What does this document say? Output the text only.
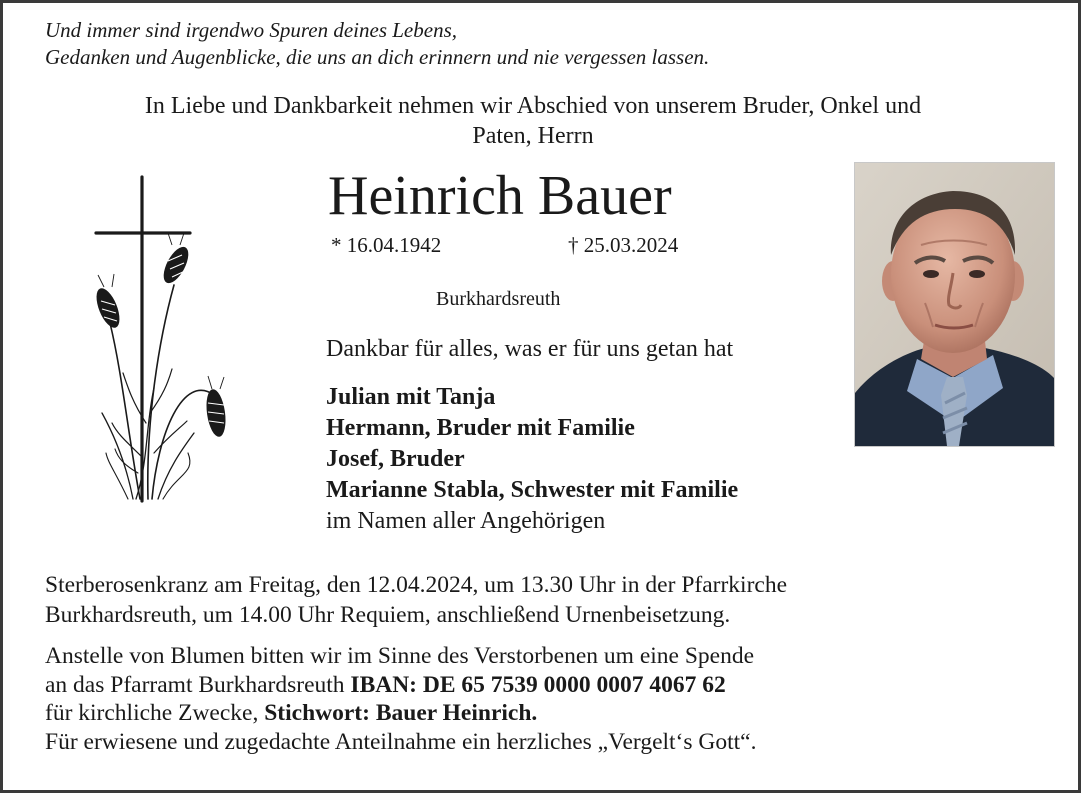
Und immer sind irgendwo Spuren deines Lebens,
Gedanken und Augenblicke, die uns an dich erinnern und nie vergessen lassen.
In Liebe und Dankbarkeit nehmen wir Abschied von unserem Bruder, Onkel und
Paten, Herrn
Heinrich Bauer
* 16.04.1942	† 25.03.2024
Burkhardsreuth
Dankbar für alles, was er für uns getan hat
Julian mit Tanja
Hermann, Bruder mit Familie
Josef, Bruder
Marianne Stabla, Schwester mit Familie
im Namen aller Angehörigen
Sterberosenkranz am Freitag, den 12.04.2024, um 13.30 Uhr in der Pfarrkirche
Burkhardsreuth, um 14.00 Uhr Requiem, anschließend Urnenbeisetzung.
Anstelle von Blumen bitten wir im Sinne des Verstorbenen um eine Spende
an das Pfarramt Burkhardsreuth IBAN: DE 65 7539 0000 0007 4067 62
für kirchliche Zwecke, Stichwort: Bauer Heinrich.
Für erwiesene und zugedachte Anteilnahme ein herzliches „Vergelt‘s Gott“.
